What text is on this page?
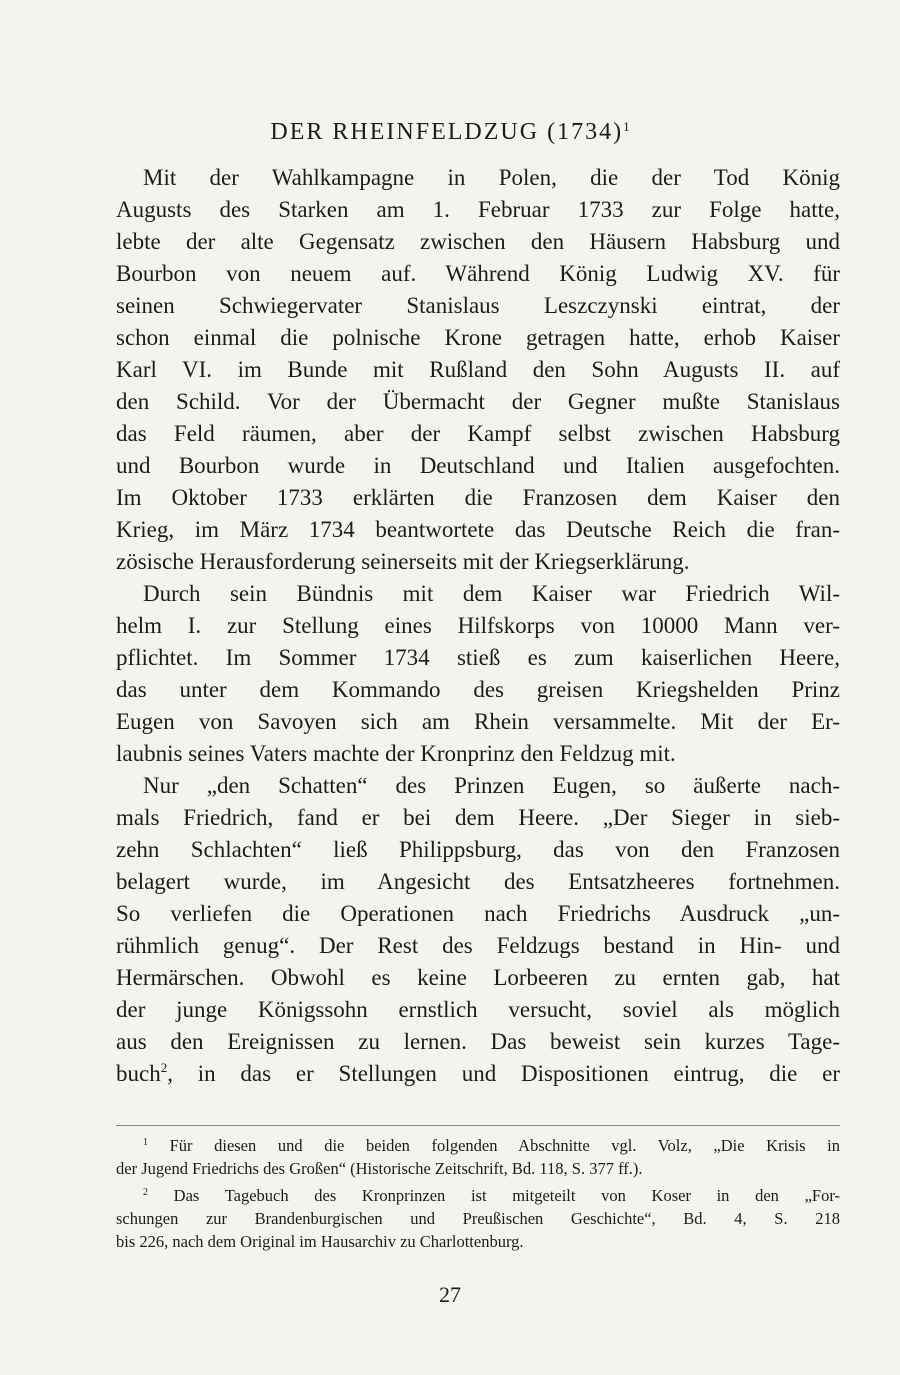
DER RHEINFELDZUG $(1734)^1$
Mit der Wahlkampagne in Polen, die der Tod König
Augusts des Starken am 1. Februar 1733 zur Folge hatte,
lebte der alte Gegensatz zwischen den Häusern Habsburg und
Bourbon von neuem auf. Während König Ludwig XV. für
seinen Schwiegervater Stanislaus Leszczynski eintrat, der
schon einmal die polnische Krone getragen hatte, erhob Kaiser
Karl VI. im Bunde mit Rußland den Sohn Augusts II. auf
den Schild. Vor der Übermacht der Gegner mußte Stanislaus
das Feld räumen, aber der Kampf selbst zwischen Habsburg
und Bourbon wurde in Deutschland und Italien ausgefochten.
Im Oktober 1733 erklärten die Franzosen dem Kaiser den
Krieg, im März 1734 beantwortete das Deutsche Reich die fran-
zösische Herausforderung seinerseits mit der Kriegserklärung.
Durch sein Bündnis mit dem Kaiser war Friedrich Wil-
helm I. zur Stellung eines Hilfskorps von 10000 Mann ver-
pflichtet. Im Sommer 1734 stieß es zum kaiserlichen Heere,
das unter dem Kommando des greisen Kriegshelden Prinz
Eugen von Savoyen sich am Rhein versammelte. Mit der Er-
laubnis seines Vaters machte der Kronprinz den Feldzug mit.
Nur „den Schatten“ des Prinzen Eugen, so äußerte nach-
mals Friedrich, fand er bei dem Heere. „Der Sieger in sieb-
zehn Schlachten“ ließ Philippsburg, das von den Franzosen
belagert wurde, im Angesicht des Entsatzheeres fortnehmen.
So verliefen die Operationen nach Friedrichs Ausdruck „un-
rühmlich genug“. Der Rest des Feldzugs bestand in Hin- und
Hermärschen. Obwohl es keine Lorbeeren zu ernten gab, hat
der junge Königssohn ernstlich versucht, soviel als möglich
aus den Ereignissen zu lernen. Das beweist sein kurzes Tage-
buch$^2$, in das er Stellungen und Dispositionen eintrug, die er
$^1$ Für diesen und die beiden folgenden Abschnitte vgl. Volz, „Die Krisis in
der Jugend Friedrichs des Großen“ (Historische Zeitschrift, Bd. 118, S. 377 ff.).
$^2$ Das Tagebuch des Kronprinzen ist mitgeteilt von Koser in den „For-
schungen zur Brandenburgischen und Preußischen Geschichte“, Bd. 4, S. 218
bis 226, nach dem Original im Hausarchiv zu Charlottenburg.
27
